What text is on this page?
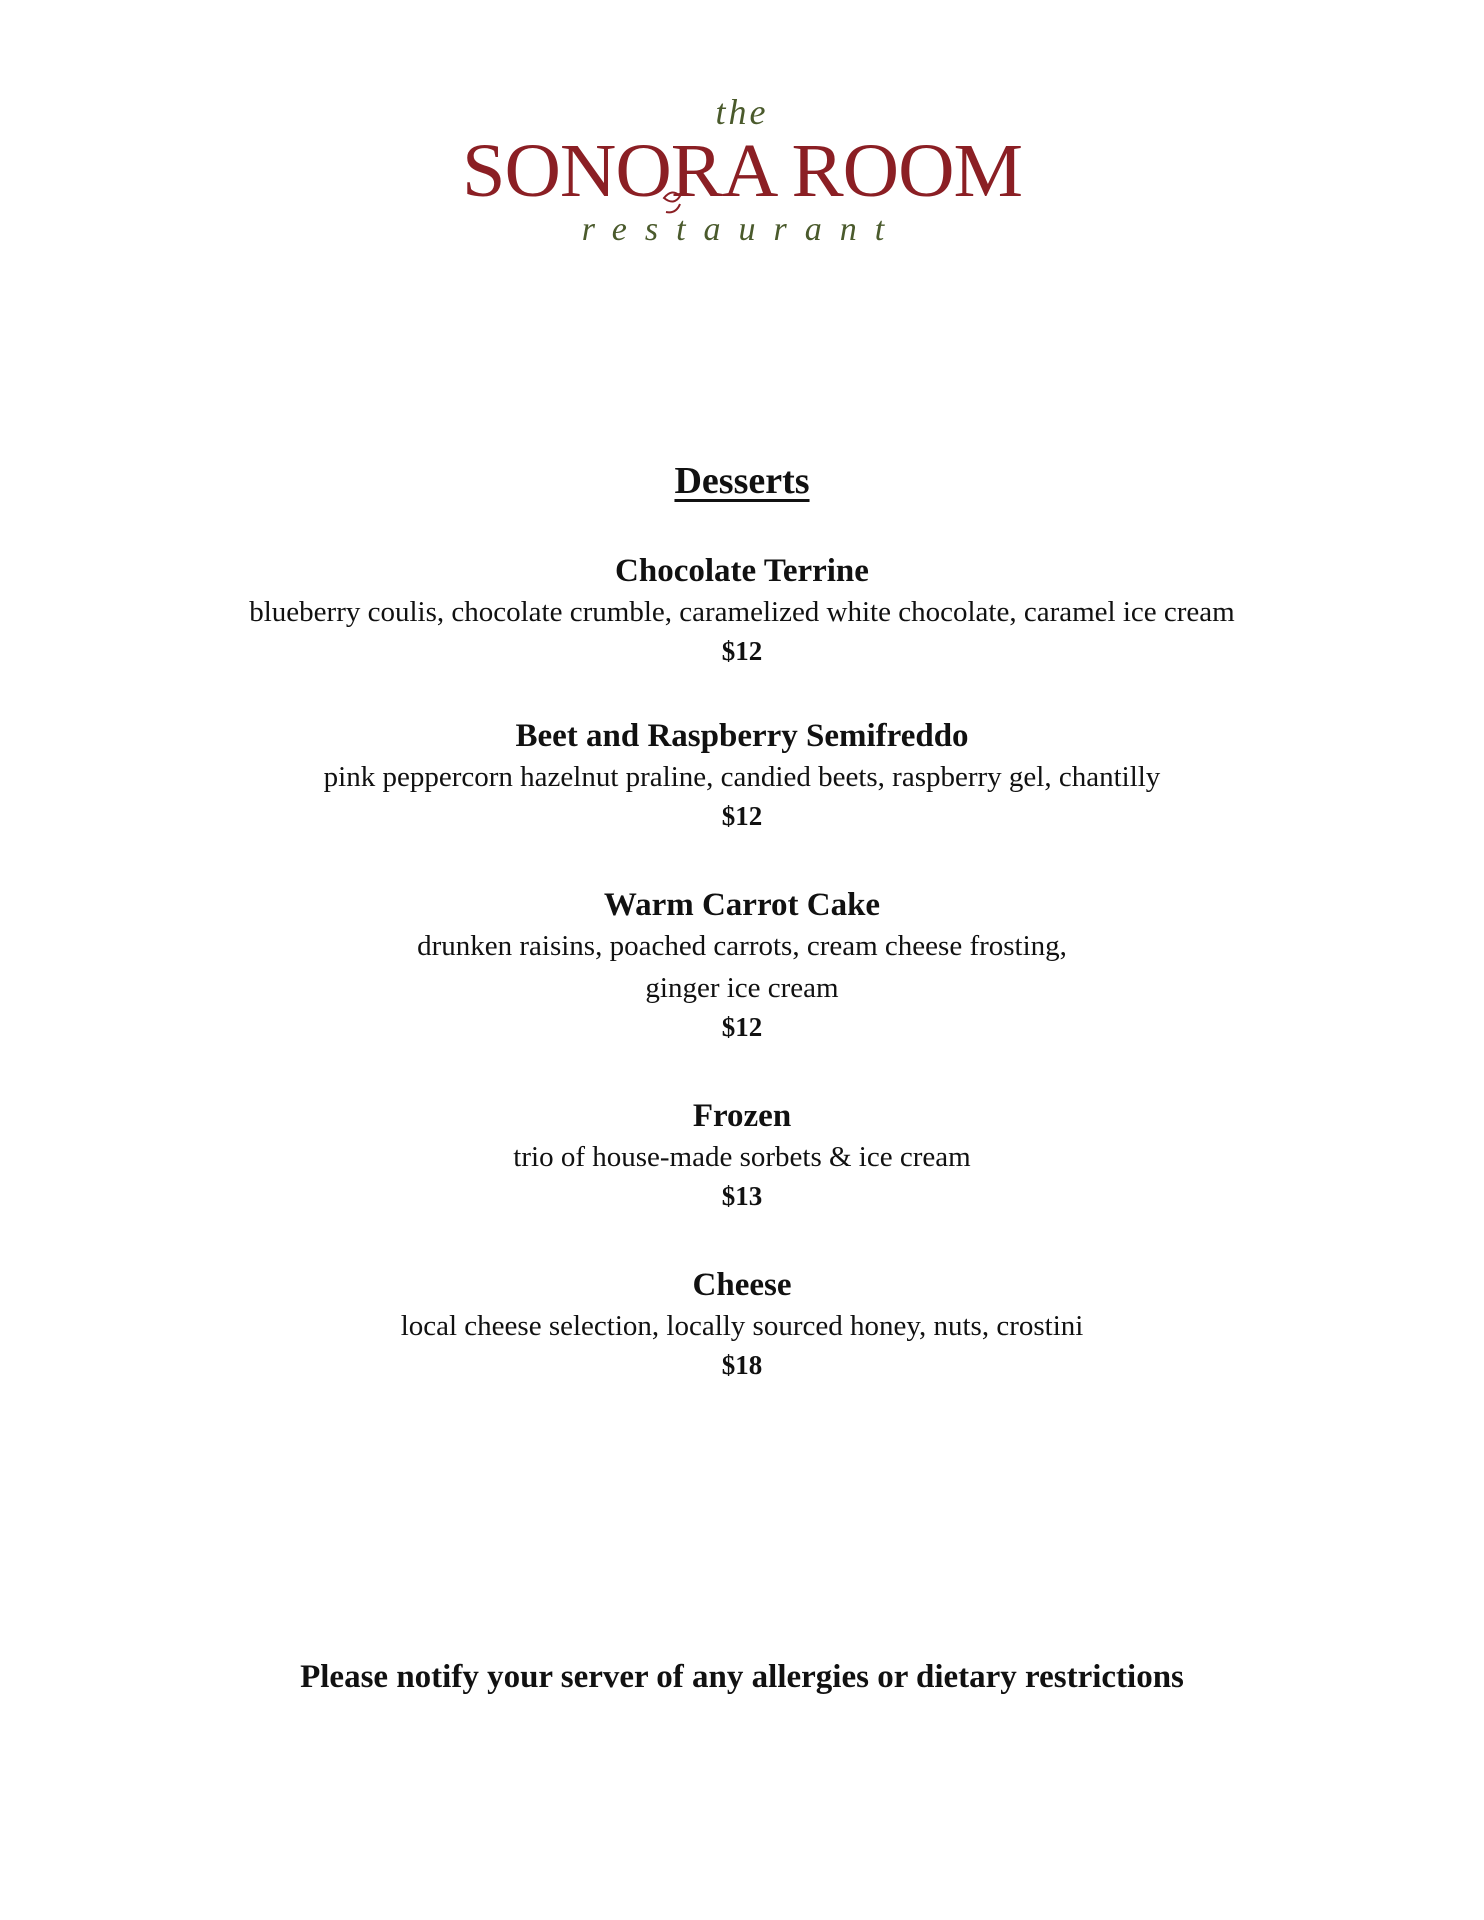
the
SONORA ROOM
restaurant
Desserts
Chocolate Terrine
blueberry coulis, chocolate crumble, caramelized white chocolate, caramel ice cream
$12
Beet and Raspberry Semifreddo
pink peppercorn hazelnut praline, candied beets, raspberry gel, chantilly
$12
Warm Carrot Cake
drunken raisins, poached carrots, cream cheese frosting,
ginger ice cream
$12
Frozen
trio of house-made sorbets & ice cream
$13
Cheese
local cheese selection, locally sourced honey, nuts, crostini
$18
Please notify your server of any allergies or dietary restrictions
